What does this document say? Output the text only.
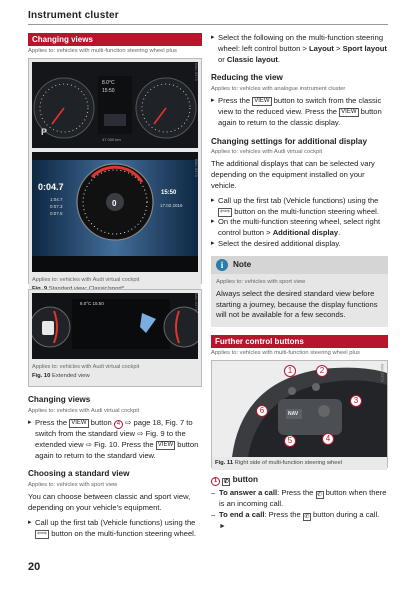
Instrument cluster
Changing views
Applies to: vehicles with multi-function steering wheel plus
8.0°C
15:50
47 000 km
P
BAV-0373
0:04.7
1:04.7
0:07.3
0:07.5
15:50
17.02.2016
0
BAV-0374
Applies to: vehicles with Audi virtual cockpit
8.0°C 15:50	BAV-0375
Applies to: vehicles with Audi virtual cockpit
Fig. 10 Extended view
Changing views
Applies to: vehicles with Audi virtual cockpit
▸ Press the VIEW button 4 ⇨ page 18, Fig. 7 to switch from the standard view ⇨ Fig. 9 to the extended view ⇨ Fig. 10. Press the VIEW button again to return to the standard view.
Choosing a standard view
Applies to: vehicles with sport view

You can choose between classic and sport view, depending on your vehicle's equipment.

▸ Call up the first tab (Vehicle functions) using the ⇦⇨ button on the multi-function steering wheel.
▸ Select the following on the multi-function steering wheel: left control button > Layout > Sport layout or Classic layout.
Reducing the view
Applies to: vehicles with analogue instrument cluster
▸ Press the VIEW button to switch from the classic view to the reduced view. Press the VIEW button again to return to the classic display.
Changing settings for additional display
Applies to: vehicles with Audi virtual cockpit

The additional displays that can be selected vary depending on the equipment installed on your vehicle.

▸ Call up the first tab (Vehicle functions) using the ⇦⇨ button on the multi-function steering wheel.
▸ On the multi-function steering wheel, select right control button > Additional display.
▸ Select the desired additional display.
i	Note
Applies to: vehicles with sport view

Always select the desired standard view before starting a journey, because the display functions will not be available for a few seconds.

Further control buttons
Applies to: vehicles with multi-function steering wheel plus
BAV-0376
1	2
3
4
5
6	NAV
Fig. 11 Right side of multi-function steering wheel
1 ✆ button
– To answer a call: Press the ✆ button when there is an incoming call.
– To end a call: Press the ✆ button during a call. ►
20
